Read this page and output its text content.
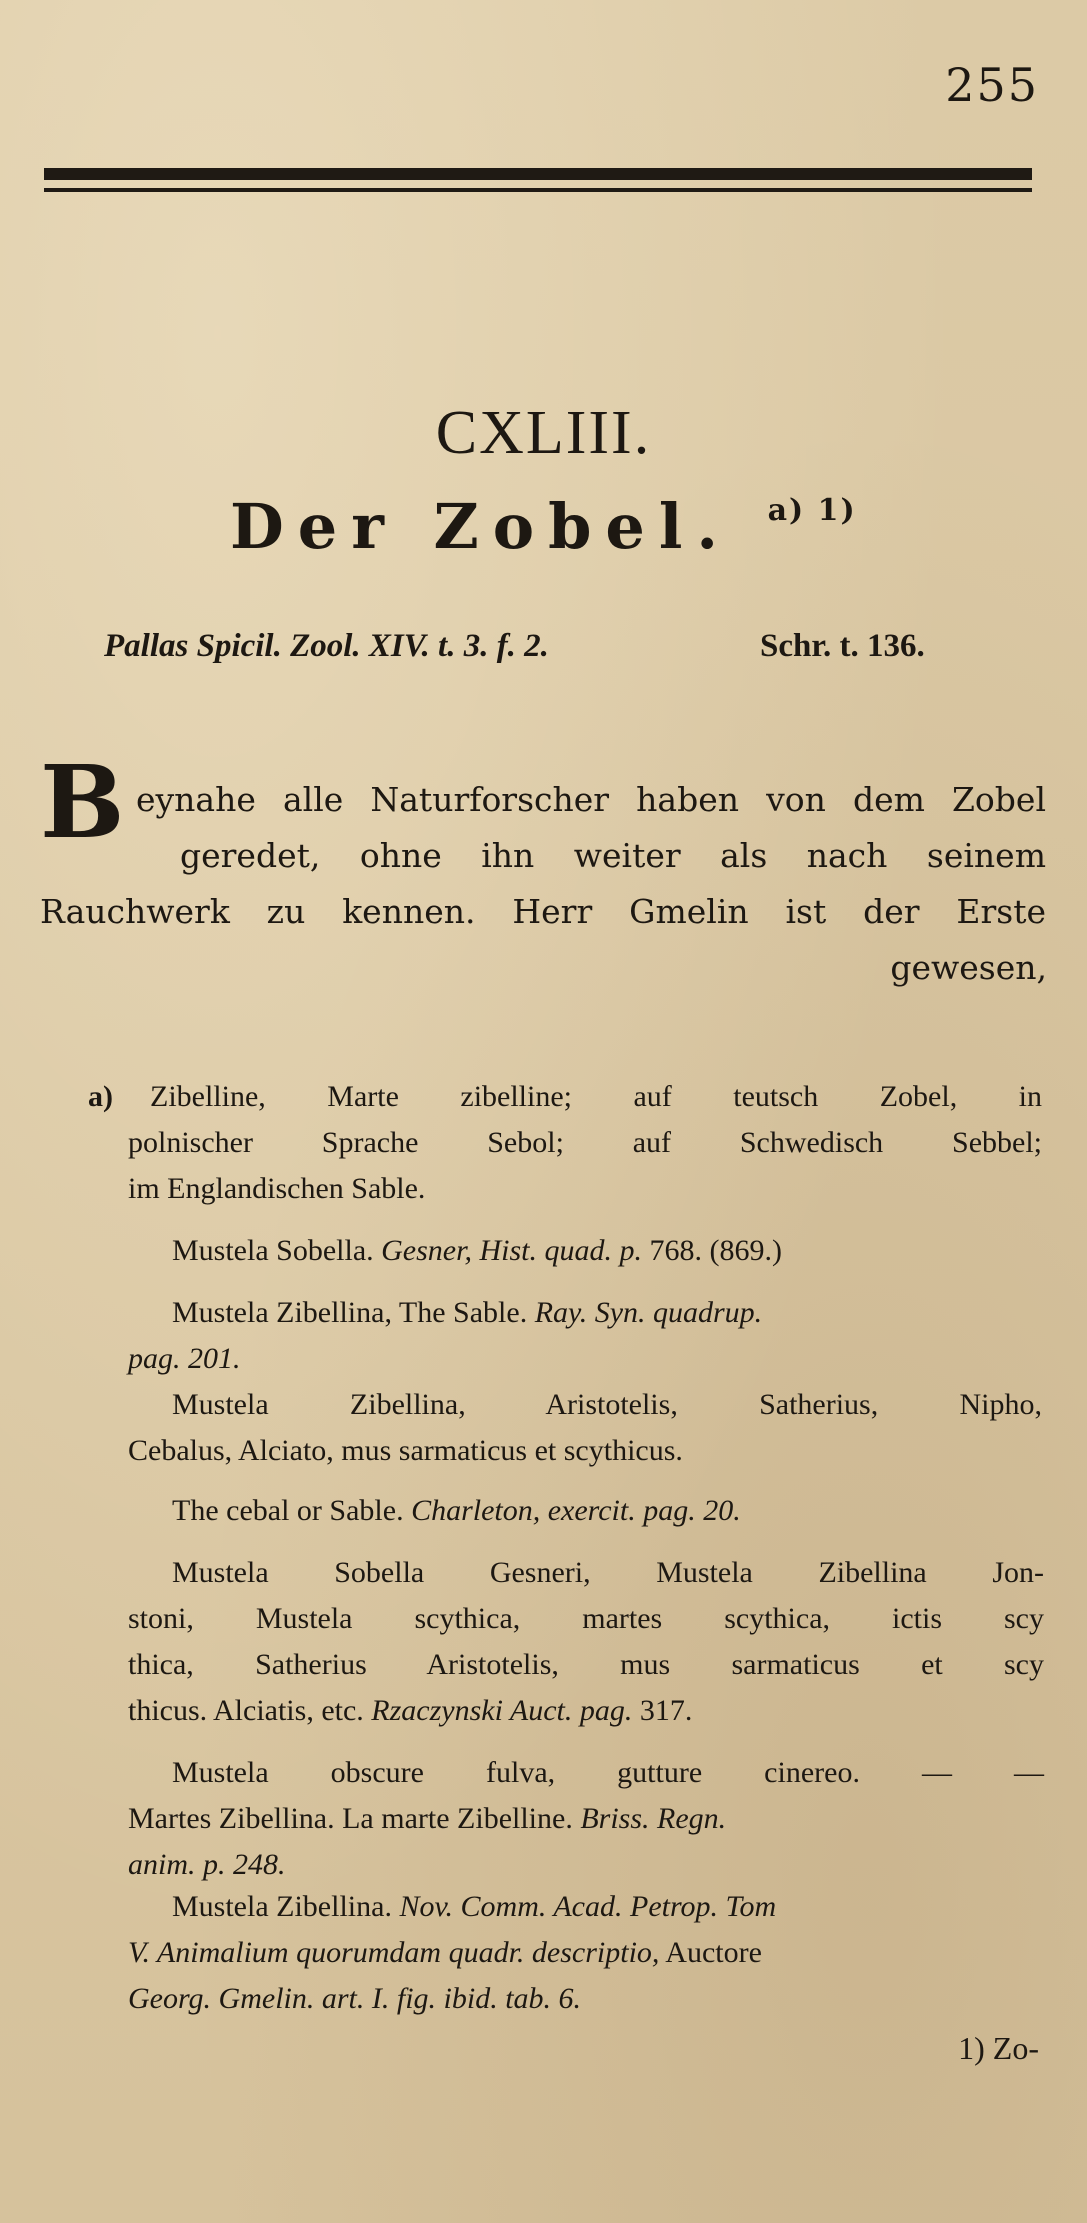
255
CXLIII.
Der Zobel. $^{a) 1)}$
Pallas Spicil. Zool. XIV. t. 3. f. 2.	Schr. t. 136.
B eynahe alle Naturforscher haben von dem Zobel
geredet, ohne ihn weiter als nach seinem
Rauchwerk zu kennen. Herr Gmelin ist der Erste
gewesen,
a) Zibelline, Marte zibelline; auf teutsch Zobel, in
polnischer Sprache Sebol; auf Schwedisch Sebbel;
im Englandischen Sable.
Mustela Sobella. Gesner, Hist. quad. p. 768. (869.)
Mustela Zibellina, The Sable. Ray. Syn. quadrup.
pag. 201.
Mustela Zibellina, Aristotelis, Satherius, Nipho,
Cebalus, Alciato, mus sarmaticus et scythicus.
The cebal or Sable. Charleton, exercit. pag. 20.
Mustela Sobella Gesneri, Mustela Zibellina Jon-
stoni, Mustela scythica, martes scythica, ictis scy
thica, Satherius Aristotelis, mus sarmaticus et scy
thicus. Alciatis, etc. Rzaczynski Auct. pag. 317.
Mustela obscure fulva, gutture cinereo. — —
Martes Zibellina. La marte Zibelline. Briss. Regn.
anim. p. 248.
Mustela Zibellina. Nov. Comm. Acad. Petrop. Tom
V. Animalium quorumdam quadr. descriptio, Auctore
Georg. Gmelin. art. I. fig. ibid. tab. 6.
1) Zo-
